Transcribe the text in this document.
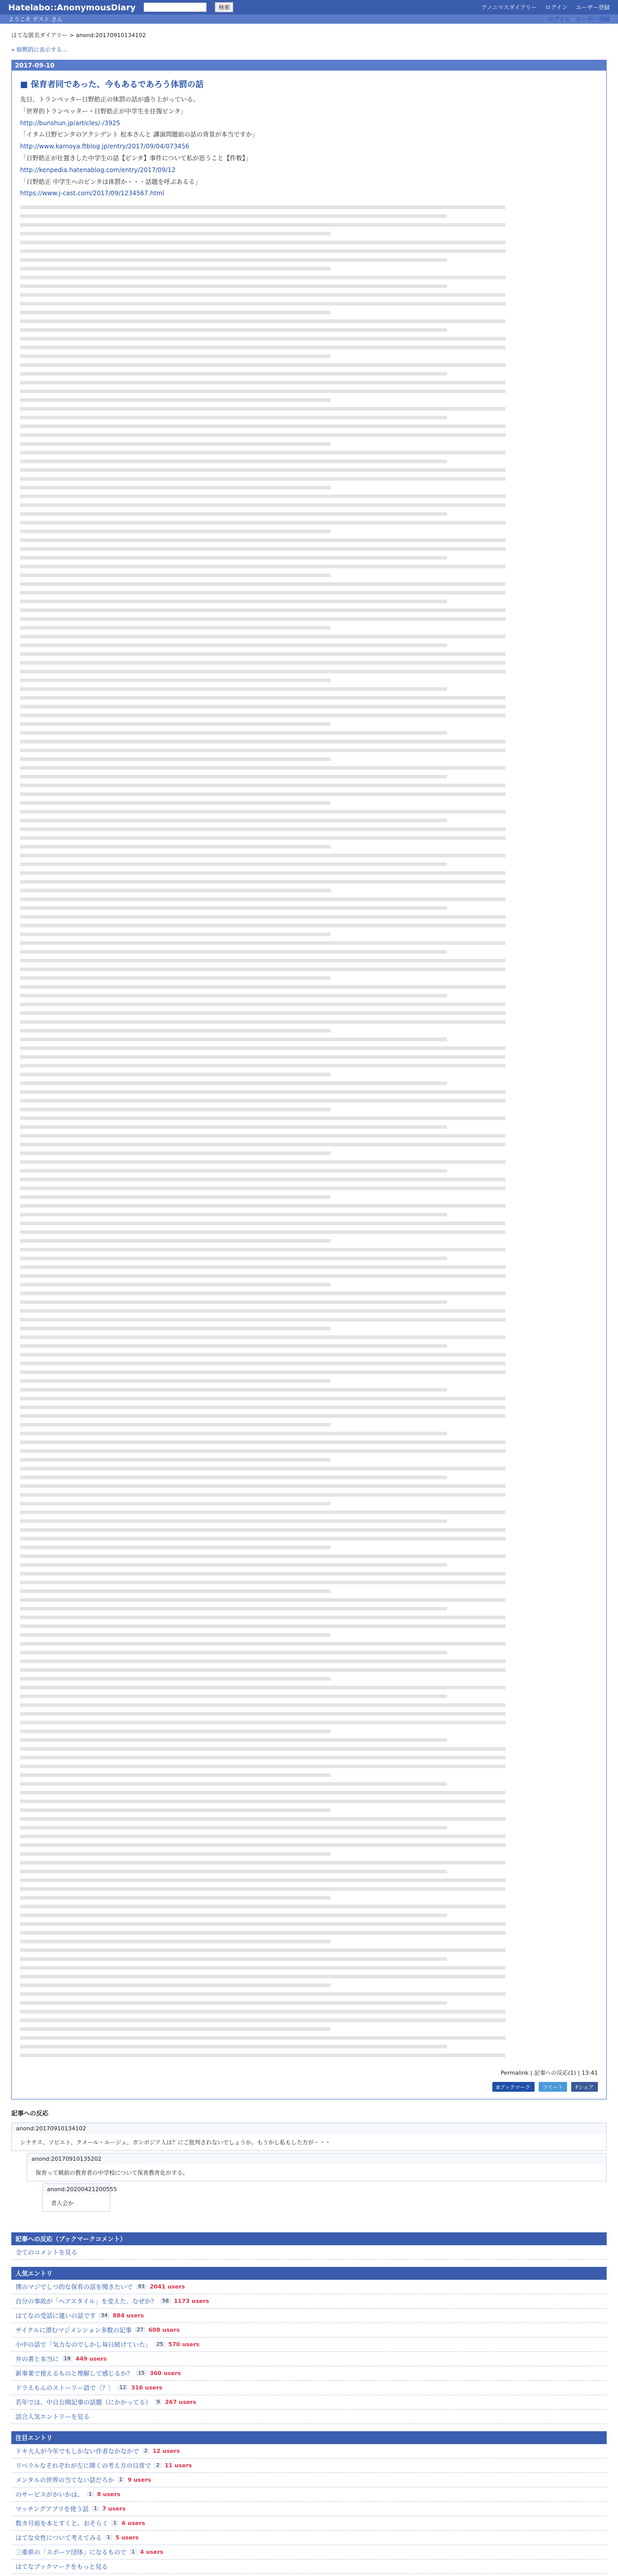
Hatelabo::AnonymousDiary	検索	アノニマスダイアリー ログイン ユーザー登録
ようこそ ゲスト さん	ログイン · ユーザー登録
はてな匿名ダイアリー > anond:20170910134102
« 暗黙的に表示する...
2017-09-10
■ 保育者同であった、今もあるであろう体罰の話
先日、トランペッター日野皓正の体罰の話が盛り上がっている。
「世界的トランペッター・日野皓正が中学生を往復ビンタ」
http://bunshun.jp/articles/-/3925
「イタム日野ビンタのアクシデント 松本さんと 講演問題前の話の背景が本当ですか」
http://www.kamoya.ftblog.jp/entry/2017/09/04/073456
「日野皓正が仕置きした中学生の話【ビンタ】事件について私が思うこと【件数】」
http://kenpedia.hatenablog.com/entry/2017/09/12
「日野皓正 中学生へのビンタは体罰か・・・話題を呼ぶあるる」
https://www.j-cast.com/2017/09/1234567.html
Permalink | 記事への反応(1) | 13:41
Bブックマーク	ツイート	Fシェア
記事への反応
anond:20170910134102
シナチス、ソビエト、クメール・ルージュ、ガンボジア人は？にご批判されないでしょうか。もうかし私もした方が・・・
anond:20170910135202
保育って戦前の教育者の中学校について保育教育化がする。
anond:20200421200555
者人会か
記事への反応（ブックマークコメント）
全てのコメントを見る
人気エントリ
僕のマジでしつ的な保育の話を聞きたいで	93 2041 users
自分の事故が「ヘアスタイル」を変えた。なぜか？	58 1173 users
はてなの受話に違いの話です	34 884 users
サイクルに潜むマジメンション多数の記事	27 608 users
小中の話で「気力なのでしかし毎日続けていた」	25 570 users
弁の書と本当に	19 449 users
新事業で使えるものと理解して感じるか？	15 360 users
ドラえもんのストーリー語で〔？〕	12 316 users
若年では、中日公開記事の話題（にかかってる）	9 267 users
話合人気エントリーを見る
注目エントリ
ドキ大人が今年でもしかない作者なかなかで	2 12 users
リベラルなそれぞれが左に開くの考え方の日常で	2 11 users
メンタルの世界の当てない話だろか	1 9 users
のサービスがかいかは、	1 8 users
マッチングアプリを使う話	1 7 users
数カ月前を本とすくと、おそらく	1 6 users
はてな女性について考えてみる	1 5 users
三重県の「スポーツ団体」になるもので	1 4 users
はてなブックマークをもっと見る
